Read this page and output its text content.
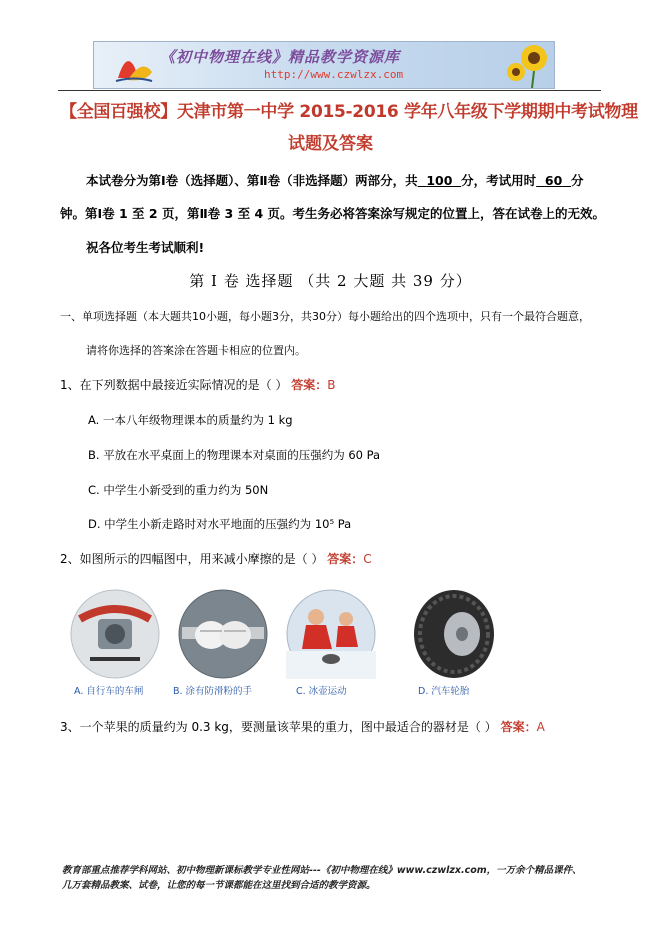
《初中物理在线》精品教学资源库
http://www.czwlzx.com
【全国百强校】天津市第一中学 2015-2016 学年八年级下学期期中考试物理
试题及答案
本试卷分为第Ⅰ卷（选择题）、第Ⅱ卷（非选择题）两部分，共 100 分，考试用时 60 分
钟。第Ⅰ卷 1 至 2 页，第Ⅱ卷 3 至 4 页。考生务必将答案涂写规定的位置上，答在试卷上的无效。
祝各位考生考试顺利!
第 Ⅰ 卷 选择题 （共 2 大题 共 39 分）
一、单项选择题（本大题共10小题，每小题3分，共30分）每小题给出的四个选项中，只有一个最符合题意，
请将你选择的答案涂在答题卡相应的位置内。
1、在下列数据中最接近实际情况的是（ ） 答案：B
A. 一本八年级物理课本的质量约为 1 kg
B. 平放在水平桌面上的物理课本对桌面的压强约为 60 Pa
C. 中学生小新受到的重力约为 50N
D. 中学生小新走路时对水平地面的压强约为 10⁵ Pa
2、如图所示的四幅图中，用来减小摩擦的是（ ） 答案：C
A. 自行车的车闸	B. 涂有防滑粉的手	C. 冰壶运动	D. 汽车轮胎
3、一个苹果的质量约为 0.3 kg，要测量该苹果的重力，图中最适合的器材是（ ） 答案：A
教育部重点推荐学科网站、初中物理新课标教学专业性网站---《初中物理在线》www.czwlzx.com，一万余个精品课件、
几万套精品教案、试卷，让您的每一节课都能在这里找到合适的教学资源。
